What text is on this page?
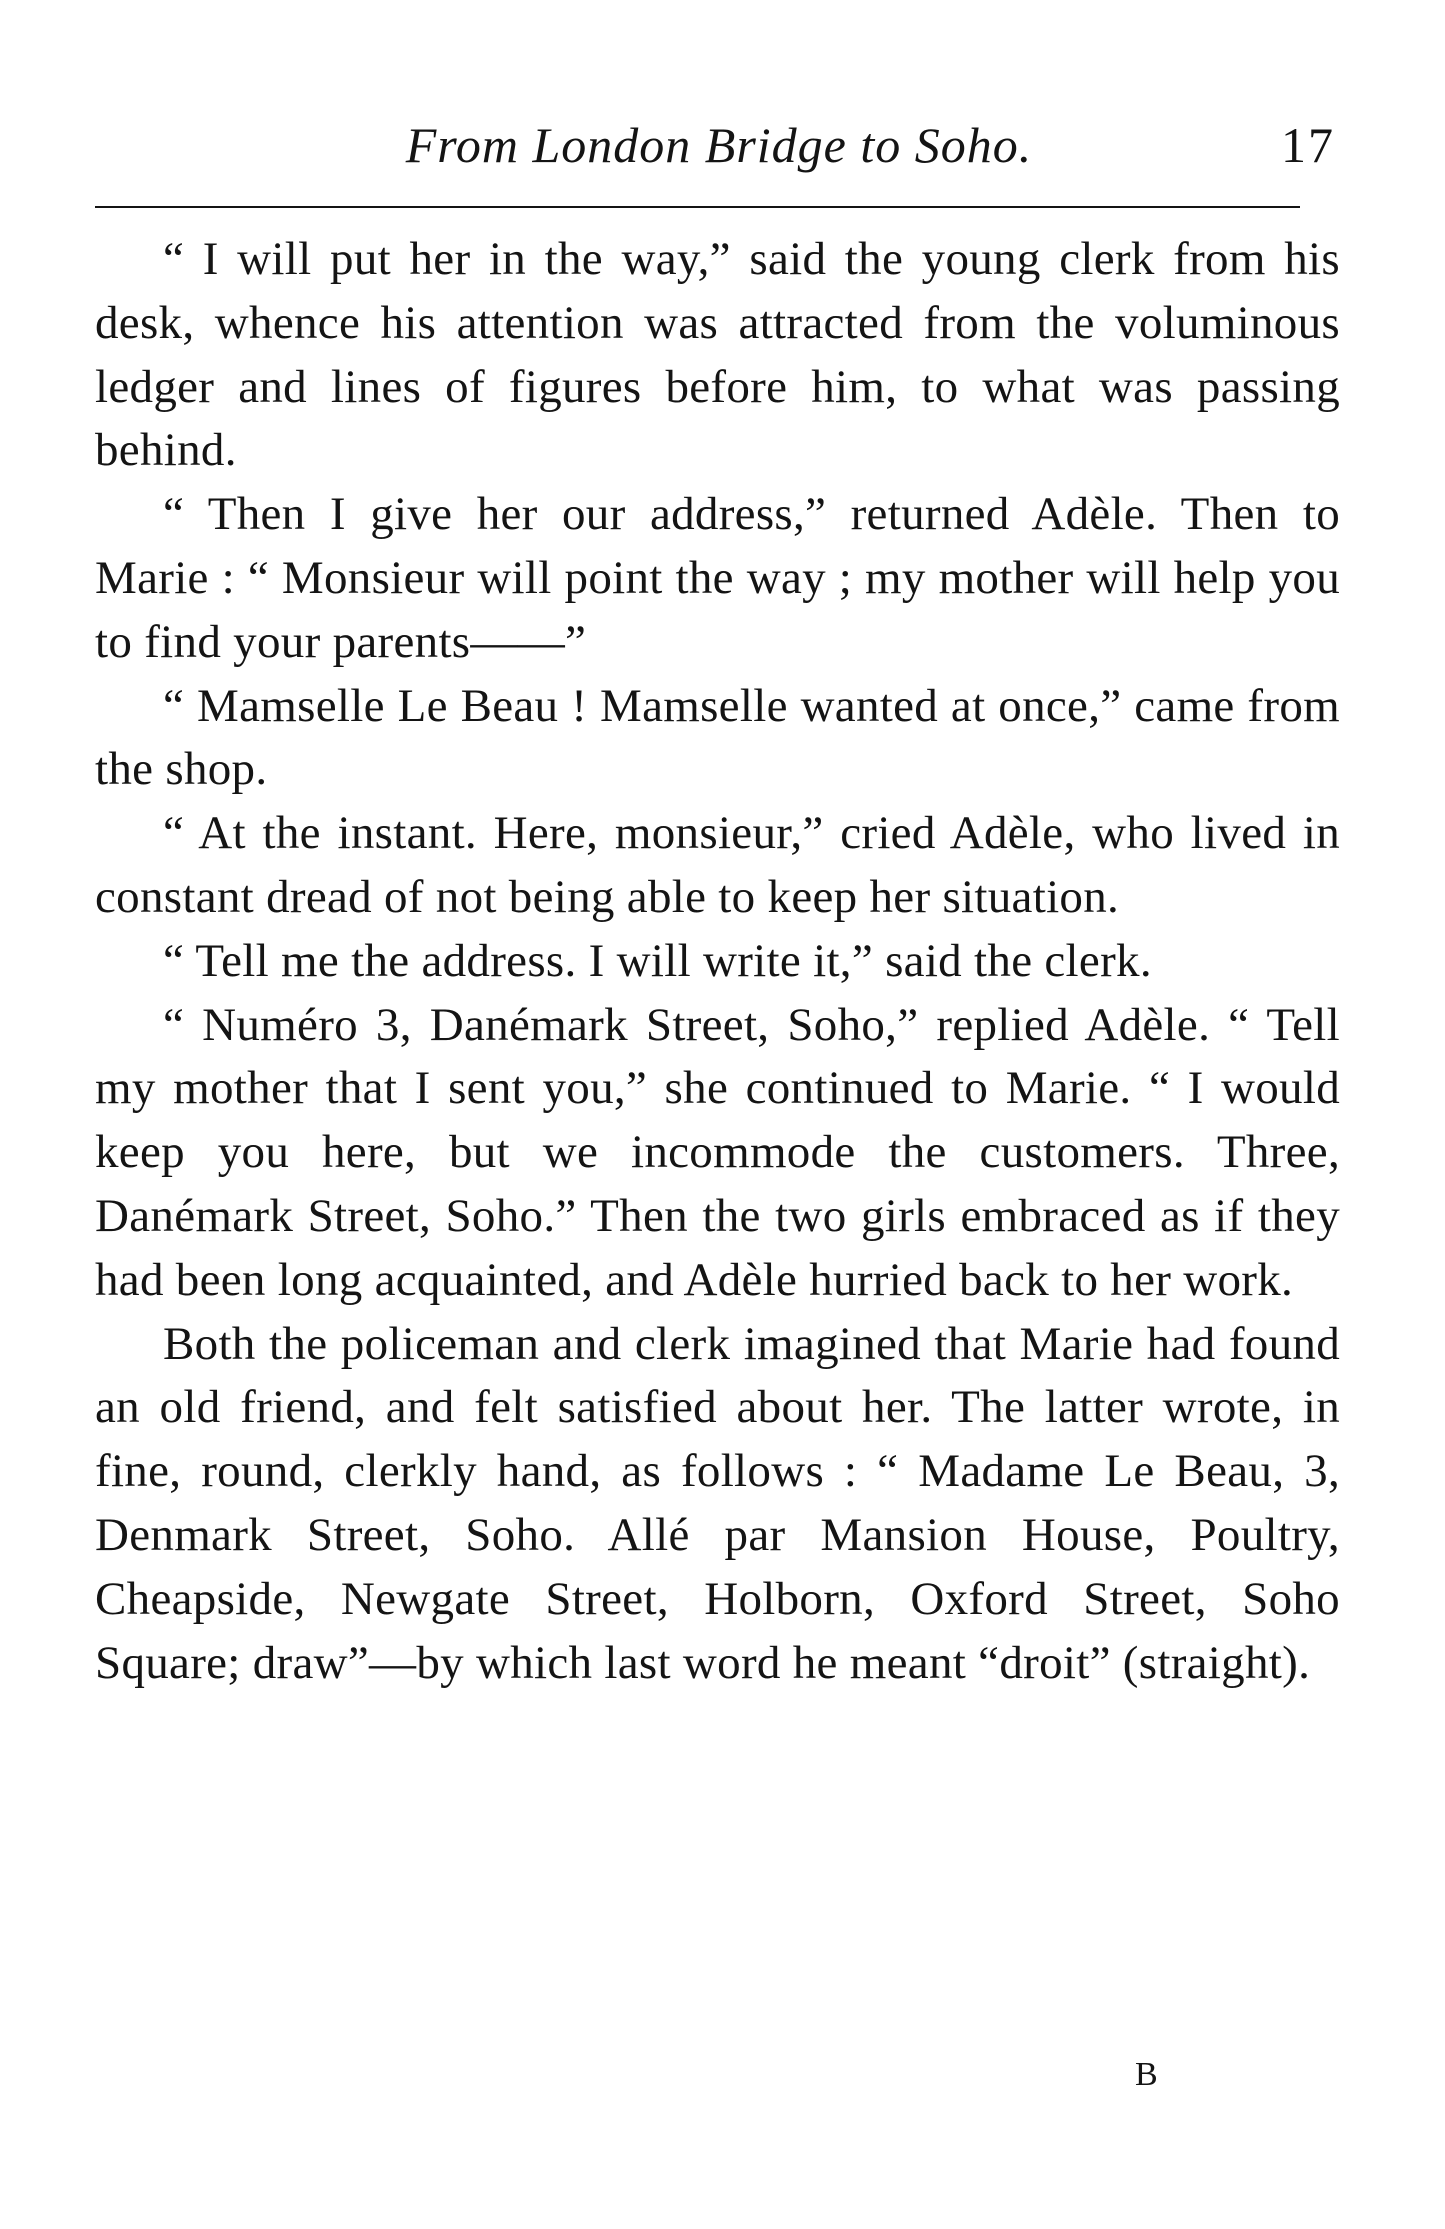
From London Bridge to Soho.	17

“ I will put her in the way,” said the young clerk from his desk, whence his attention was attracted from the voluminous ledger and lines of figures before him, to what was passing behind.

“ Then I give her our address,” returned Adèle. Then to Marie : “ Monsieur will point the way ; my mother will help you to find your parents——”

“ Mamselle Le Beau ! Mamselle wanted at once,” came from the shop.

“ At the instant. Here, monsieur,” cried Adèle, who lived in constant dread of not being able to keep her situation.

“ Tell me the address. I will write it,” said the clerk.

“ Numéro 3, Danémark Street, Soho,” replied Adèle. “ Tell my mother that I sent you,” she continued to Marie. “ I would keep you here, but we incommode the customers. Three, Danémark Street, Soho.” Then the two girls embraced as if they had been long acquainted, and Adèle hurried back to her work.

Both the policeman and clerk imagined that Marie had found an old friend, and felt satisfied about her. The latter wrote, in fine, round, clerkly hand, as follows : “ Madame Le Beau, 3, Denmark Street, Soho. Allé par Mansion House, Poultry, Cheapside, Newgate Street, Holborn, Oxford Street, Soho Square; draw”—by which last word he meant “droit” (straight).

B
